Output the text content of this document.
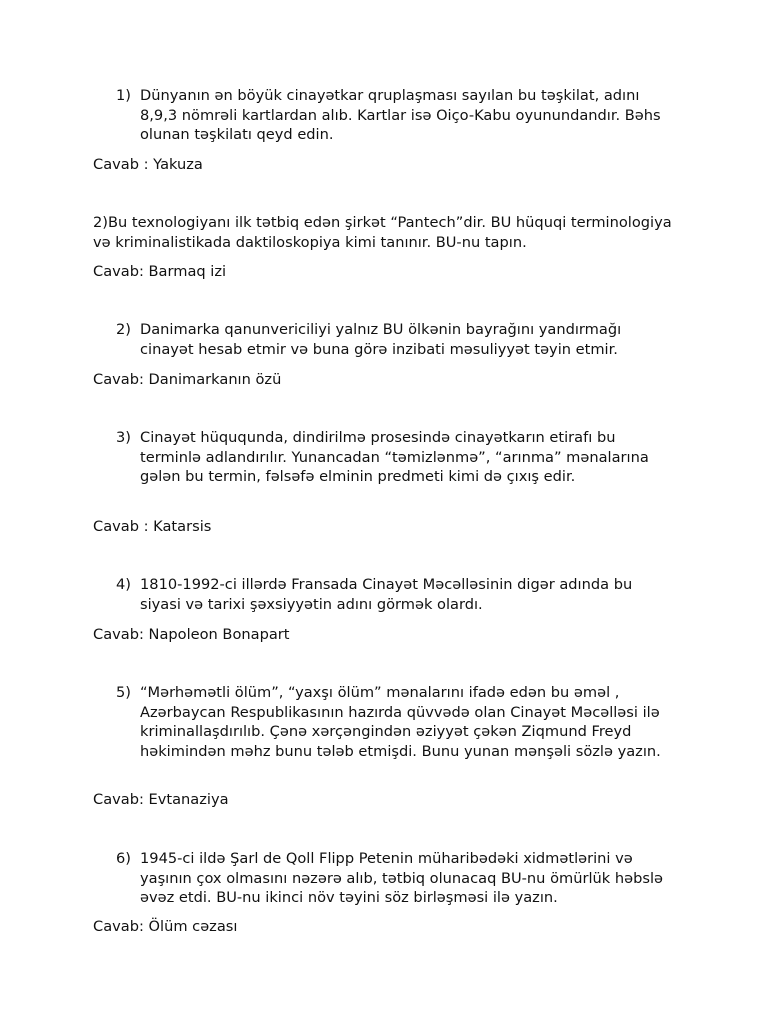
1) Dünyanın ən böyük cinayətkar qruplaşması sayılan bu təşkilat, adını 8,9,3 nömrəli kartlardan alıb. Kartlar isə Oiço-Kabu oyunundandır. Bəhs olunan təşkilatı qeyd edin.
Cavab : Yakuza
2)Bu texnologiyanı ilk tətbiq edən şirkət “Pantech”dir. BU hüquqi terminologiya və kriminalistikada daktiloskopiya kimi tanınır. BU-nu tapın.
Cavab: Barmaq izi
2) Danimarka qanunvericiliyi yalnız BU ölkənin bayrağını yandırmağı cinayət hesab etmir və buna görə inzibati məsuliyyət təyin etmir.
Cavab: Danimarkanın özü
3) Cinayət hüququnda, dindirilmə prosesində cinayətkarın etirafı bu terminlə adlandırılır. Yunancadan “təmizlənmə”, “arınma” mənalarına gələn bu termin, fəlsəfə elminin predmeti kimi də çıxış edir.
Cavab : Katarsis
4) 1810-1992-ci illərdə Fransada Cinayət Məcəlləsinin digər adında bu siyasi və tarixi şəxsiyyətin adını görmək olardı.
Cavab: Napoleon Bonapart
5) “Mərhəmətli ölüm”, “yaxşı ölüm” mənalarını ifadə edən bu əməl , Azərbaycan Respublikasının hazırda qüvvədə olan Cinayət Məcəlləsi ilə kriminallaşdırılıb. Çənə xərçəngindən əziyyət çəkən Ziqmund Freyd həkimindən məhz bunu tələb etmişdi. Bunu yunan mənşəli sözlə yazın.
Cavab: Evtanaziya
6) 1945-ci ildə Şarl de Qoll Flipp Petenin müharibədəki xidmətlərini və yaşının çox olmasını nəzərə alıb, tətbiq olunacaq BU-nu ömürlük həbslə əvəz etdi. BU-nu ikinci növ təyini söz birləşməsi ilə yazın.
Cavab: Ölüm cəzası
